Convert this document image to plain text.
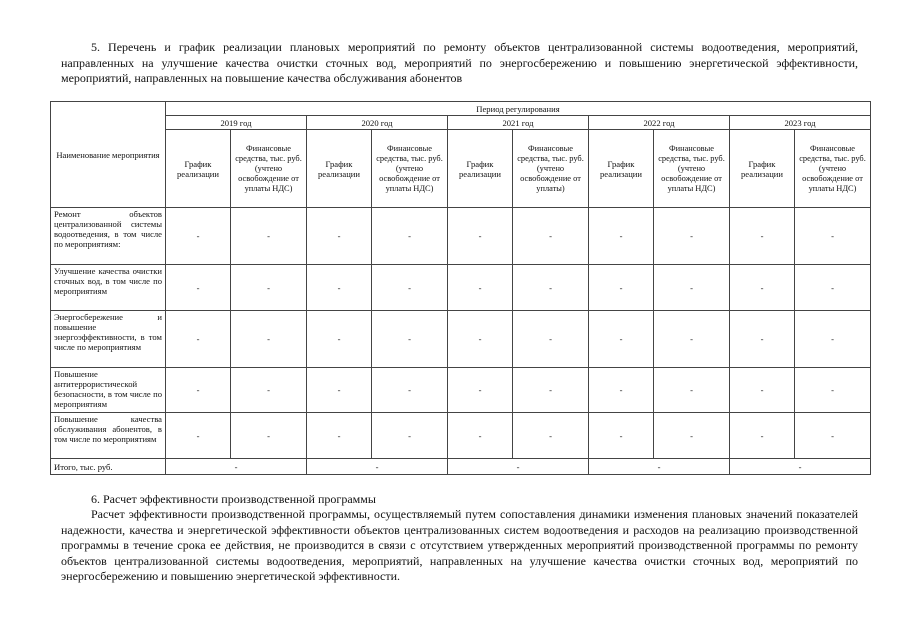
5. Перечень и график реализации плановых мероприятий по ремонту объектов централизованной системы водоотведения, мероприятий, направленных на улучшение качества очистки сточных вод, мероприятий по энергосбережению и повышению энергетической эффективности, мероприятий, направленных на повышение качества обслуживания абонентов

Наименование мероприятия	Период регулирования									
	2019 год		2020 год		2021 год		2022 год		2023 год	
	График реализации	Финансовые средства, тыс. руб. (учтено освобождение от уплаты НДС)	График реализации	Финансовые средства, тыс. руб. (учтено освобождение от уплаты НДС)	График реализации	Финансовые средства, тыс. руб. (учтено освобождение от уплаты)	График реализации	Финансовые средства, тыс. руб. (учтено освобождение от уплаты НДС)	График реализации	Финансовые средства, тыс. руб. (учтено освобождение от уплаты НДС)
Ремонт объектов централизованной системы водоотведения, в том числе по мероприятиям:	-	-	-	-	-	-	-	-	-	-
Улучшение качества очистки сточных вод, в том числе по мероприятиям	-	-	-	-	-	-	-	-	-	-
Энергосбережение и повышение энергоэффективности, в том числе по мероприятиям	-	-	-	-	-	-	-	-	-	-
Повышение антитеррористической безопасности, в том числе по мероприятиям	-	-	-	-	-	-	-	-	-	-
Повышение качества обслуживания абонентов, в том числе по мероприятиям	-	-	-	-	-	-	-	-	-	-
Итого, тыс. руб.	-		-		-		-		-	

6. Расчет эффективности производственной программы

Расчет эффективности производственной программы, осуществляемый путем сопоставления динамики изменения плановых значений показателей надежности, качества и энергетической эффективности объектов централизованных систем водоотведения и расходов на реализацию производственной программы в течение срока ее действия, не производится в связи с отсутствием утвержденных мероприятий производственной программы по ремонту объектов централизованной системы водоотведения, мероприятий, направленных на улучшение качества очистки сточных вод, мероприятий по энергосбережению и повышению энергетической эффективности.
